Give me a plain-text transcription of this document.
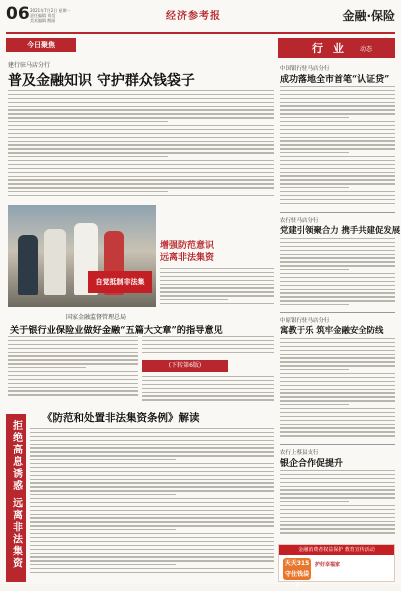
06 2021年7月2日 星期一
责任编辑 刘昊
美术编辑 熊丽	经济参考报	金融·保险
今日聚焦
建行驻马店分行
普及金融知识 守护群众钱袋子
自觉抵制非法集
增强防范意识
远离非法集资
国家金融监督管理总局
关于银行业保险业做好金融“五篇大文章”的指导意见
(下转第6版)
拒绝高息诱惑 远离非法集资
《防范和处置非法集资条例》解读
行 业 动态
中国银行驻马店分行
成功落地全市首笔“认证贷”
农行驻马店分行
党建引领聚合力 携手共建促发展
中原银行驻马店分行
寓教于乐 筑牢金融安全防线
农行上蔡县支行
银企合作促提升
金融消费者权益保护 教育宣传活动
天天315
守住钱袋子
护好幸福家
